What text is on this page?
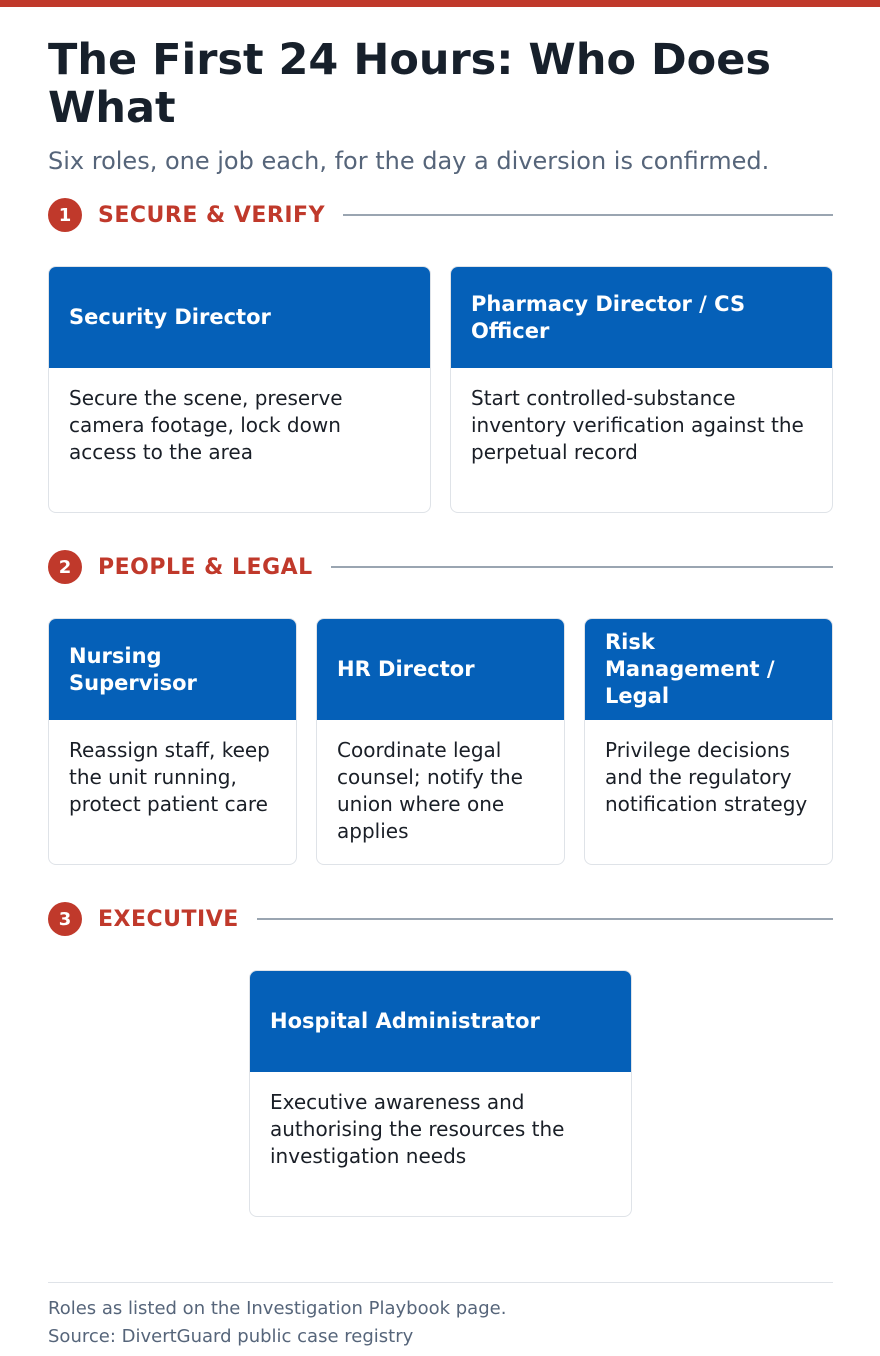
The First 24 Hours: Who Does What

Six roles, one job each, for the day a diversion is confirmed.

1	SECURE & VERIFY
Security Director
Secure the scene, preserve camera footage, lock down access to the area
Pharmacy Director / CS Officer
Start controlled-substance inventory verification against the perpetual record
2	PEOPLE & LEGAL
Nursing Supervisor
Reassign staff, keep the unit running, protect patient care
HR Director
Coordinate legal counsel; notify the union where one applies
Risk Management / Legal
Privilege decisions and the regulatory notification strategy
3	EXECUTIVE
Hospital Administrator
Executive awareness and authorising the resources the investigation needs
Roles as listed on the Investigation Playbook page.
Source: DivertGuard public case registry
